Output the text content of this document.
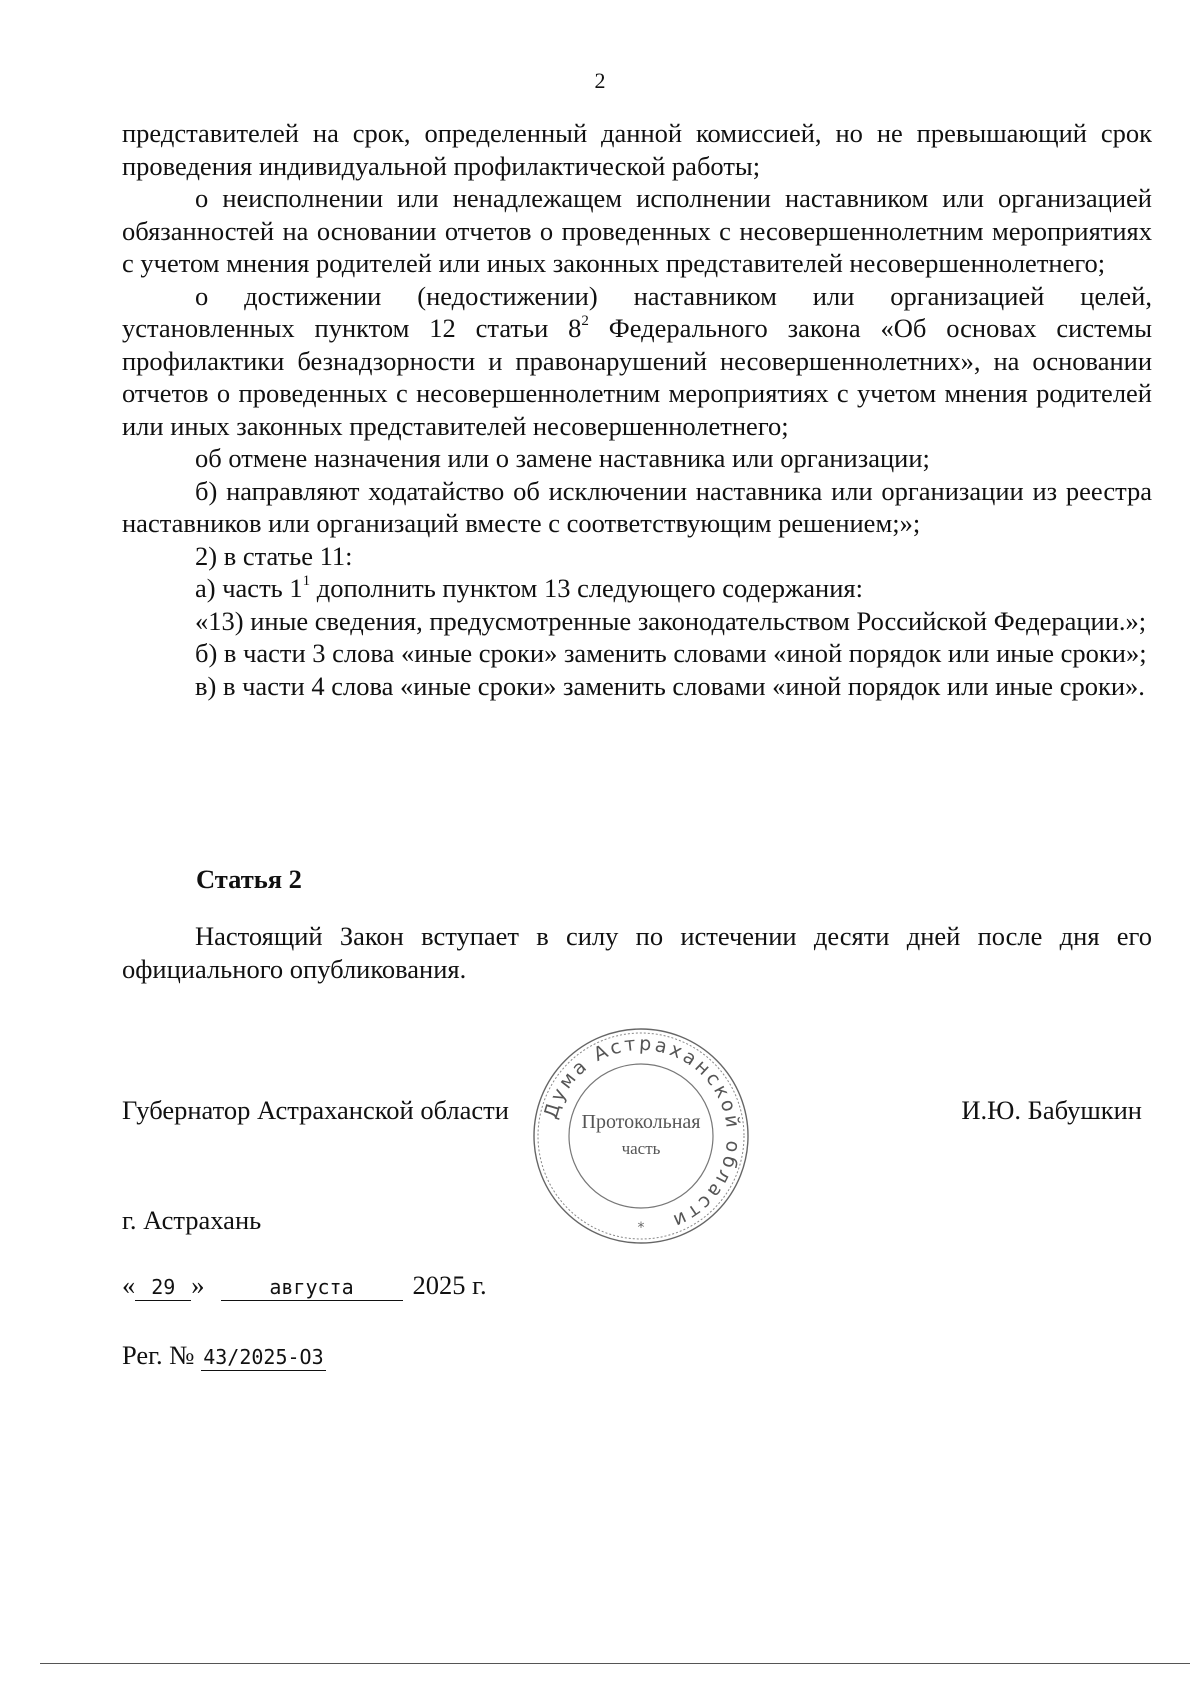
2

представителей на срок, определенный данной комиссией, но не превышающий срок проведения индивидуальной профилактической работы;

о неисполнении или ненадлежащем исполнении наставником или организацией обязанностей на основании отчетов о проведенных с несовершеннолетним мероприятиях с учетом мнения родителей или иных законных представителей несовершеннолетнего;

о достижении (недостижении) наставником или организацией целей, установленных пунктом 12 статьи $8^2$ Федерального закона «Об основах системы профилактики безнадзорности и правонарушений несовершеннолетних», на основании отчетов о проведенных с несовершеннолетним мероприятиях с учетом мнения родителей или иных законных представителей несовершеннолетнего;

об отмене назначения или о замене наставника или организации;

б) направляют ходатайство об исключении наставника или организации из реестра наставников или организаций вместе с соответствующим решением;»;

2) в статье 11:

а) часть $1^1$ дополнить пунктом 13 следующего содержания:

«13) иные сведения, предусмотренные законодательством Российской Федерации.»;

б) в части 3 слова «иные сроки» заменить словами «иной порядок или иные сроки»;

в) в части 4 слова «иные сроки» заменить словами «иной порядок или иные сроки».

Статья 2

Настоящий Закон вступает в силу по истечении десяти дней после дня его официального опубликования.

Губернатор Астраханской области Дума Астраханской области
Протокольная
часть
*
И.Ю. Бабушкин
г. Астрахань
« 29 »	августа 2025 г.
Рег. № 43/2025-ОЗ
